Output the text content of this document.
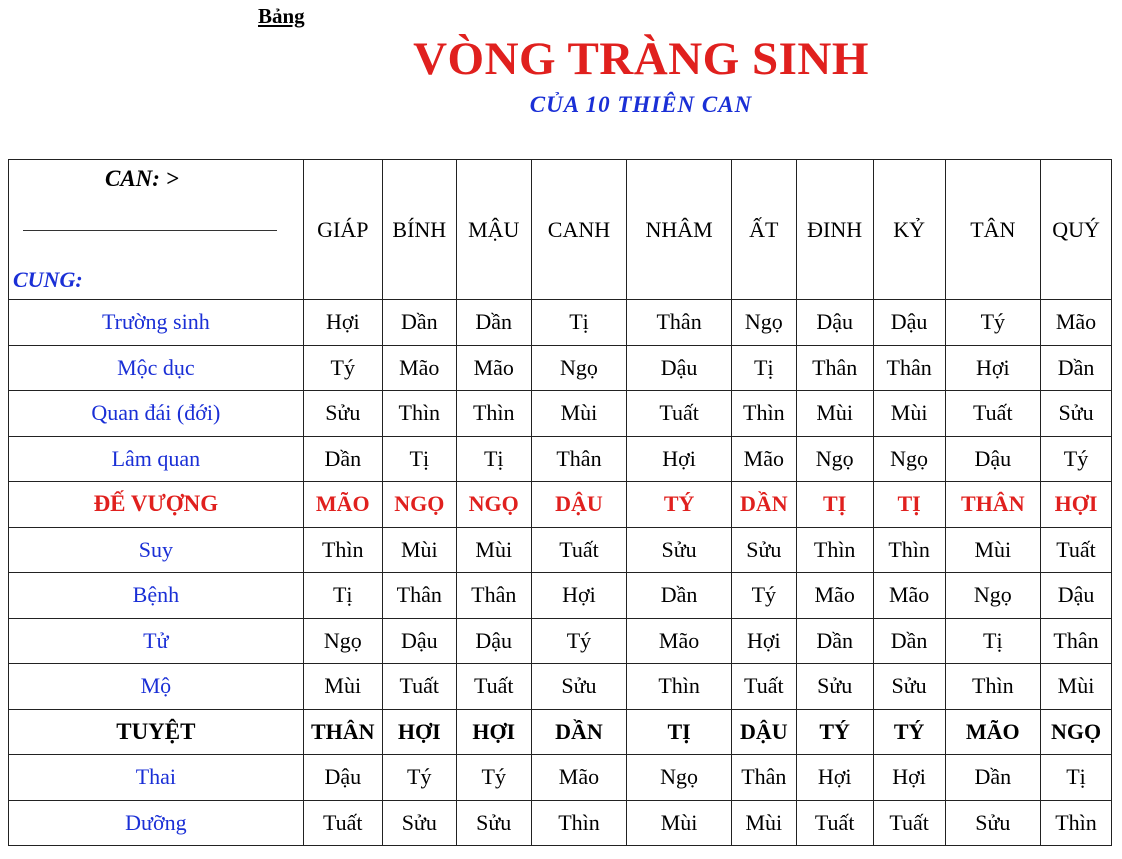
Bảng
VÒNG TRÀNG SINH
CỦA 10 THIÊN CAN
CAN: >
CUNG:	GIÁP	BÍNH	MẬU	CANH	NHÂM	ẤT	ĐINH	KỶ	TÂN	QUÝ
Trường sinh	Hợi	Dần	Dần	Tị	Thân	Ngọ	Dậu	Dậu	Tý	Mão
Mộc dục	Tý	Mão	Mão	Ngọ	Dậu	Tị	Thân	Thân	Hợi	Dần
Quan đái (đới)	Sửu	Thìn	Thìn	Mùi	Tuất	Thìn	Mùi	Mùi	Tuất	Sửu
Lâm quan	Dần	Tị	Tị	Thân	Hợi	Mão	Ngọ	Ngọ	Dậu	Tý
ĐẾ VƯỢNG	MÃO	NGỌ	NGỌ	DẬU	TÝ	DẦN	TỊ	TỊ	THÂN	HỢI
Suy	Thìn	Mùi	Mùi	Tuất	Sửu	Sửu	Thìn	Thìn	Mùi	Tuất
Bệnh	Tị	Thân	Thân	Hợi	Dần	Tý	Mão	Mão	Ngọ	Dậu
Tử	Ngọ	Dậu	Dậu	Tý	Mão	Hợi	Dần	Dần	Tị	Thân
Mộ	Mùi	Tuất	Tuất	Sửu	Thìn	Tuất	Sửu	Sửu	Thìn	Mùi
TUYỆT	THÂN	HỢI	HỢI	DẦN	TỊ	DẬU	TÝ	TÝ	MÃO	NGỌ
Thai	Dậu	Tý	Tý	Mão	Ngọ	Thân	Hợi	Hợi	Dần	Tị
Dưỡng	Tuất	Sửu	Sửu	Thìn	Mùi	Mùi	Tuất	Tuất	Sửu	Thìn
